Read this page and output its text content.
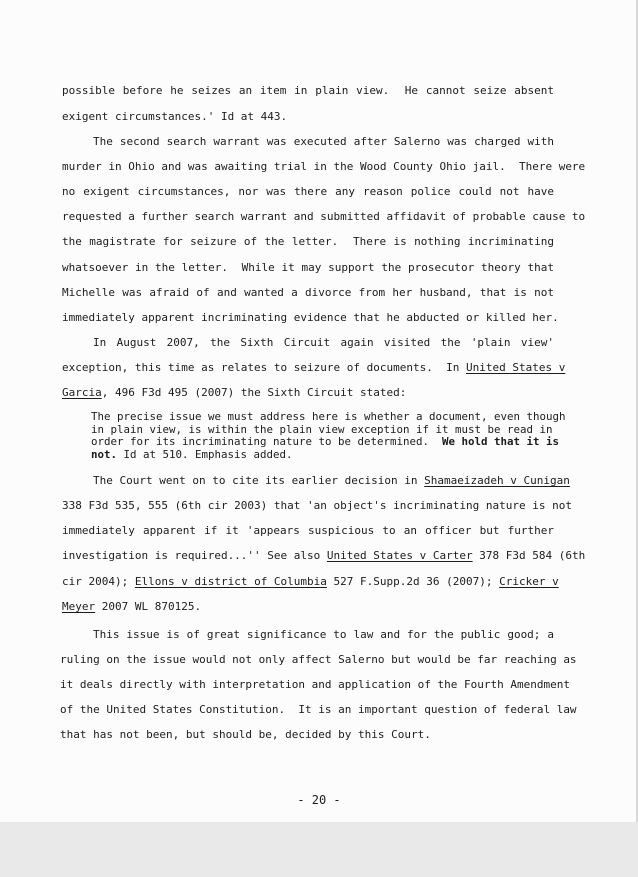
possible before he seizes an item in plain view.  He cannot seize absent
exigent circumstances.' Id at 443.
The second search warrant was executed after Salerno was charged with
murder in Ohio and was awaiting trial in the Wood County Ohio jail.  There were
no exigent circumstances, nor was there any reason police could not have
requested a further search warrant and submitted affidavit of probable cause to
the magistrate for seizure of the letter.  There is nothing incriminating
whatsoever in the letter.  While it may support the prosecutor theory that
Michelle was afraid of and wanted a divorce from her husband, that is not
immediately apparent incriminating evidence that he abducted or killed her.
In August 2007, the Sixth Circuit again visited the 'plain view'
exception, this time as relates to seizure of documents.  In United States v
Garcia, 496 F3d 495 (2007) the Sixth Circuit stated:
The precise issue we must address here is whether a document, even though
in plain view, is within the plain view exception if it must be read in
order for its incriminating nature to be determined.  We hold that it is
not. Id at 510. Emphasis added.
The Court went on to cite its earlier decision in Shamaeizadeh v Cunigan
338 F3d 535, 555 (6th cir 2003) that 'an object's incriminating nature is not
immediately apparent if it 'appears suspicious to an officer but further
investigation is required...'' See also United States v Carter 378 F3d 584 (6th
cir 2004); Ellons v district of Columbia 527 F.Supp.2d 36 (2007); Cricker v
Meyer 2007 WL 870125.
This issue is of great significance to law and for the public good; a
ruling on the issue would not only affect Salerno but would be far reaching as
it deals directly with interpretation and application of the Fourth Amendment
of the United States Constitution.  It is an important question of federal law
that has not been, but should be, decided by this Court.
- 20 -
